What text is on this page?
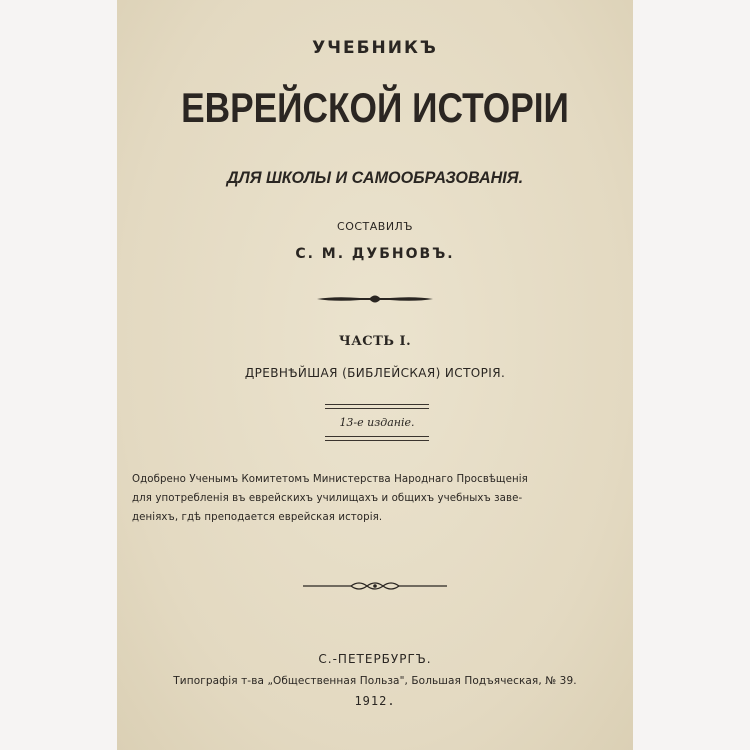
УЧЕБНИКЪ
ЕВРЕЙСКОЙ ИСТОРІИ
ДЛЯ ШКОЛЫ И САМООБРАЗОВАНІЯ.
СОСТАВИЛЪ
С. М. ДУБНОВЪ.
ЧАСТЬ I.
ДРЕВНѢЙШАЯ (БИБЛЕЙСКАЯ) ИСТОРІЯ.
13-е изданіе.
Одобрено Ученымъ Комитетомъ Министерства Народнаго Просвѣщенія
для употребленія въ еврейскихъ училищахъ и общихъ учебныхъ заве-
деніяхъ, гдѣ преподается еврейская исторія.
С.-ПЕТЕРБУРГЪ.
Типографія т-ва „Общественная Польза", Большая Подъяческая, № 39.
1912.
